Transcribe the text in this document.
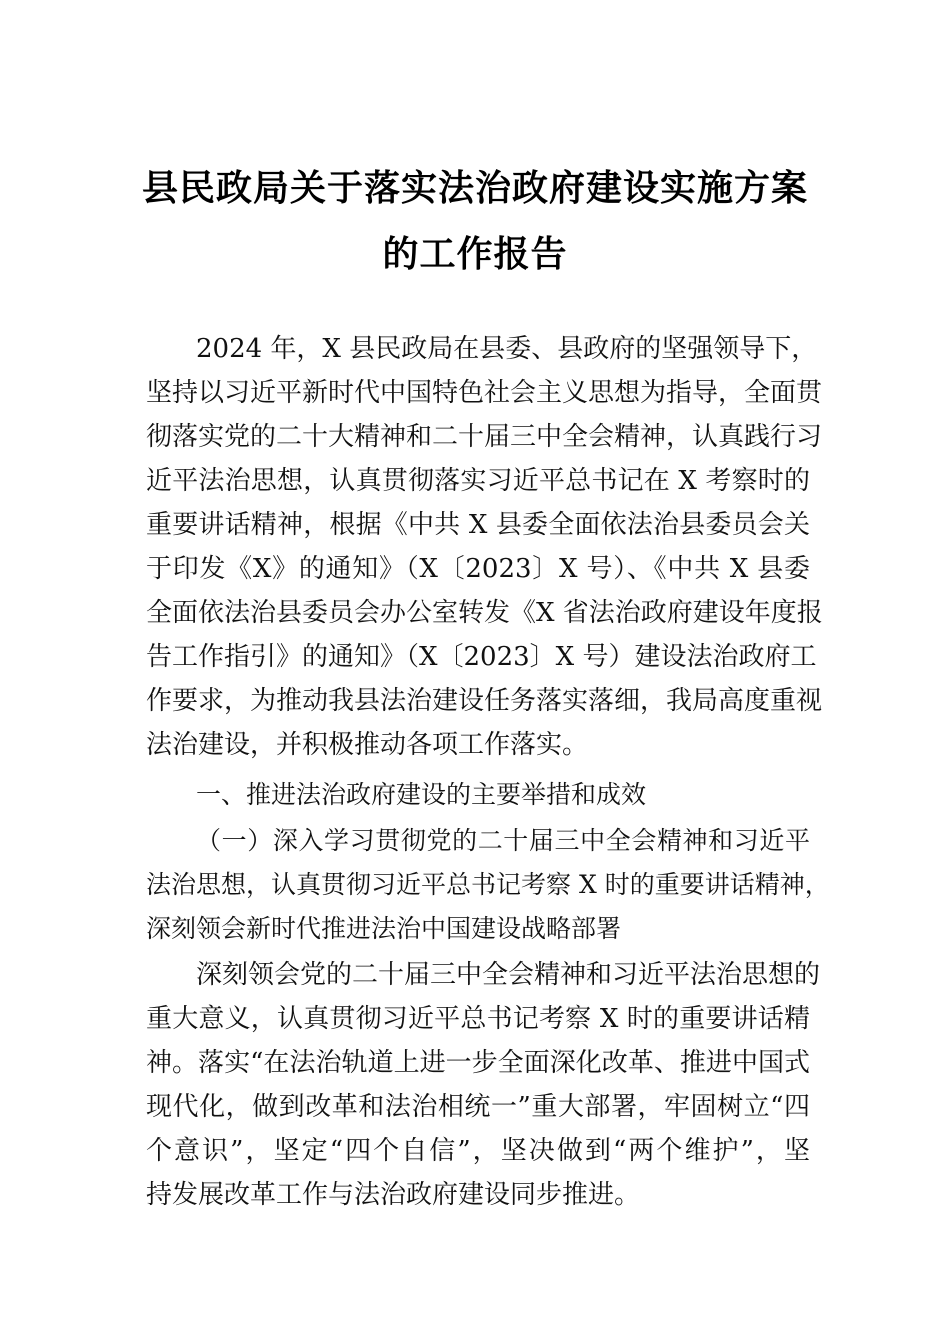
县民政局关于落实法治政府建设实施方案
的工作报告
2024 年，X 县民政局在县委、县政府的坚强领导下，
坚持以习近平新时代中国特色社会主义思想为指导，全面贯
彻落实党的二十大精神和二十届三中全会精神，认真践行习
近平法治思想，认真贯彻落实习近平总书记在 X 考察时的
重要讲话精神，根据《中共 X 县委全面依法治县委员会关
于印发《X》的通知》（X〔2023〕X 号）、《中共 X 县委
全面依法治县委员会办公室转发《X 省法治政府建设年度报
告工作指引》的通知》（X〔2023〕X 号）建设法治政府工
作要求，为推动我县法治建设任务落实落细，我局高度重视
法治建设，并积极推动各项工作落实。
一、推进法治政府建设的主要举措和成效
（一）深入学习贯彻党的二十届三中全会精神和习近平
法治思想，认真贯彻习近平总书记考察 X 时的重要讲话精神，
深刻领会新时代推进法治中国建设战略部署
深刻领会党的二十届三中全会精神和习近平法治思想的
重大意义，认真贯彻习近平总书记考察 X 时的重要讲话精
神。落实“在法治轨道上进一步全面深化改革、推进中国式
现代化，做到改革和法治相统一”重大部署，牢固树立“四
个意识”，坚定“四个自信”，坚决做到“两个维护”，坚
持发展改革工作与法治政府建设同步推进。
